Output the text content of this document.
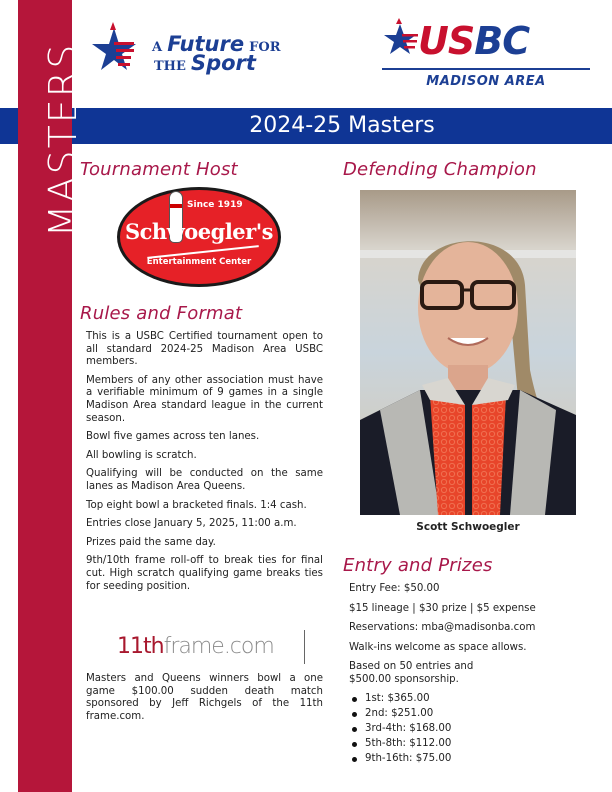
MASTERS	A Future FOR
THE Sport	USBC
MADISON AREA
2024-25 Masters
Tournament Host
Since 1919
Schwoegler's
Entertainment Center
Rules and Format

This is a USBC Certified tournament open to all standard 2024-25 Madison Area USBC members.

Members of any other association must have a verifiable minimum of 9 games in a single Madison Area standard league in the current season.

Bowl five games across ten lanes.

All bowling is scratch.

Qualifying will be conducted on the same lanes as Madison Area Queens.

Top eight bowl a bracketed finals. 1:4 cash.

Entries close January 5, 2025, 11:00 a.m.

Prizes paid the same day.

9th/10th frame roll-off to break ties for final cut. High scratch qualifying game breaks ties for seeding position.

11thframe.com

Masters and Queens winners bowl a one game $100.00 sudden death match sponsored by Jeff Richgels of the 11th frame.com.

Defending Champion
Scott Schwoegler
Entry and Prizes

Entry Fee: $50.00

$15 lineage | $30 prize | $5 expense

Reservations: mba@madisonba.com

Walk-ins welcome as space allows.

Based on 50 entries and $500.00 sponsorship.

1st: $365.00
2nd: $251.00
3rd-4th: $168.00
5th-8th: $112.00
9th-16th: $75.00
